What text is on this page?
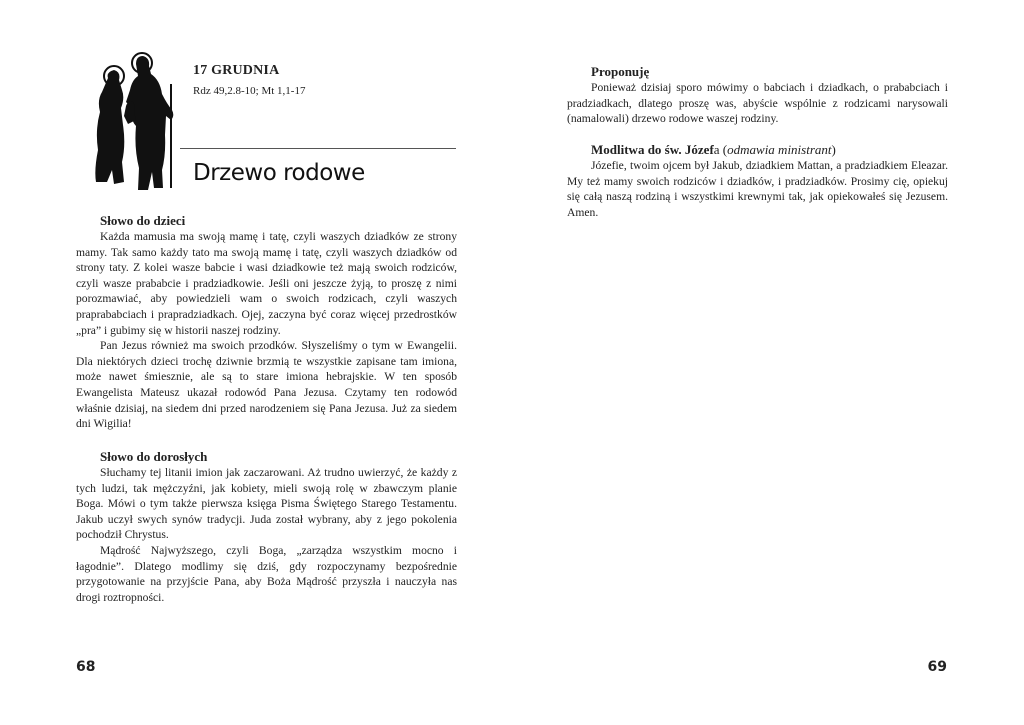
17 GRUDNIA
Rdz 49,2.8-10; Mt 1,1-17
Drzewo rodowe
Słowo do dzieci

Każda mamusia ma swoją mamę i tatę, czyli waszych dziadków ze strony mamy. Tak samo każdy tato ma swoją mamę i tatę, czyli waszych dziadków od strony taty. Z kolei wasze babcie i wasi dziadkowie też mają swoich rodziców, czyli wasze prababcie i pradziadkowie. Jeśli oni jeszcze żyją, to proszę z nimi porozmawiać, aby powiedzieli wam o swoich rodzicach, czyli waszych praprababciach i prapradziadkach. Ojej, zaczyna być coraz więcej przedrostków „pra” i gubimy się w historii naszej rodziny.

Pan Jezus również ma swoich przodków. Słyszeliśmy o tym w Ewangelii. Dla niektórych dzieci trochę dziwnie brzmią te wszystkie zapisane tam imiona, może nawet śmiesznie, ale są to stare imiona hebrajskie. W ten sposób Ewangelista Mateusz ukazał rodowód Pana Jezusa. Czytamy ten rodowód właśnie dzisiaj, na siedem dni przed narodzeniem się Pana Jezusa. Już za siedem dni Wigilia!

Słowo do dorosłych

Słuchamy tej litanii imion jak zaczarowani. Aż trudno uwierzyć, że każdy z tych ludzi, tak mężczyźni, jak kobiety, mieli swoją rolę w zbawczym planie Boga. Mówi o tym także pierwsza księga Pisma Świętego Starego Testamentu. Jakub uczył swych synów tradycji. Juda został wybrany, aby z jego pokolenia pochodził Chrystus.

Mądrość Najwyższego, czyli Boga, „zarządza wszystkim mocno i łagodnie”. Dlatego modlimy się dziś, gdy rozpoczynamy bezpośrednie przygotowanie na przyjście Pana, aby Boża Mądrość przyszła i nauczyła nas drogi roztropności.

68
Proponuję

Ponieważ dzisiaj sporo mówimy o babciach i dziadkach, o prababciach i pradziadkach, dlatego proszę was, abyście wspólnie z rodzicami narysowali (namalowali) drzewo rodowe waszej rodziny.

Modlitwa do św. Józefa (odmawia ministrant)

Józefie, twoim ojcem był Jakub, dziadkiem Mattan, a pradziadkiem Eleazar. My też mamy swoich rodziców i dziadków, i pradziadków. Prosimy cię, opiekuj się całą naszą rodziną i wszystkimi krewnymi tak, jak opiekowałeś się Jezusem. Amen.

69
